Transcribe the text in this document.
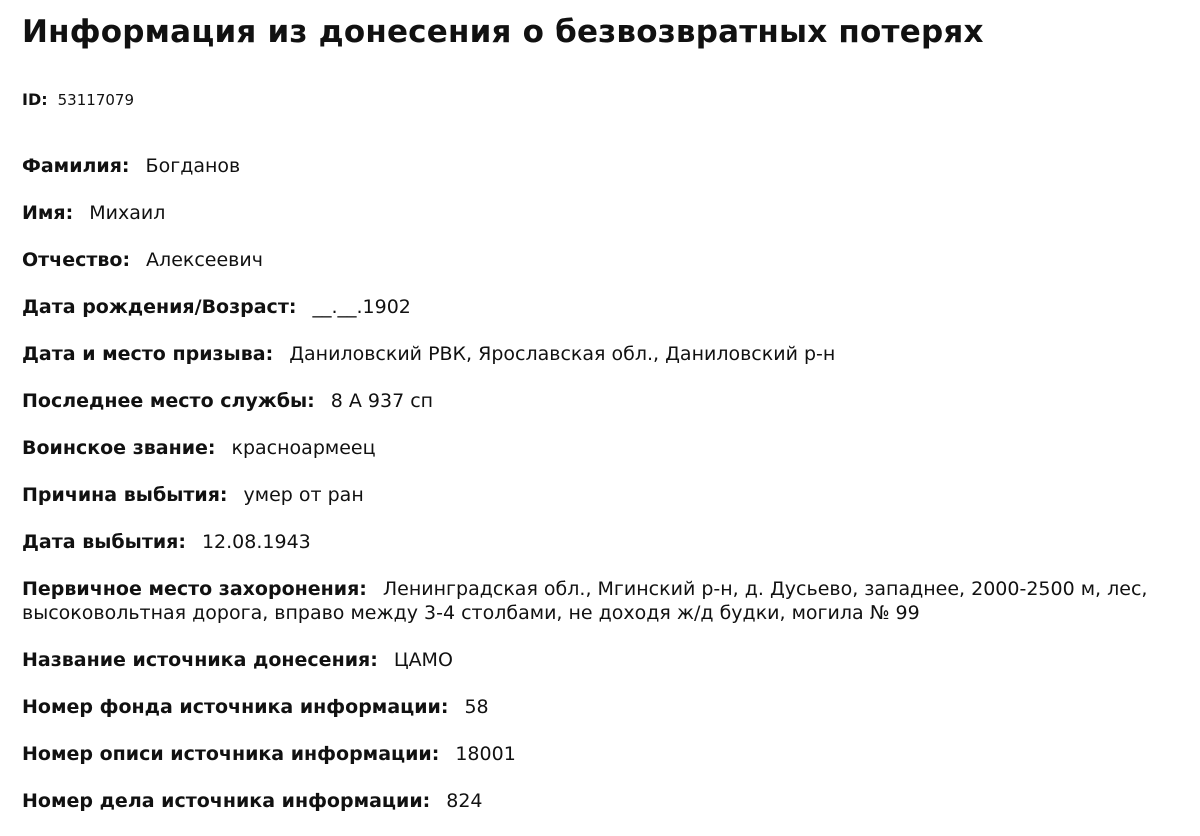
Информация из донесения о безвозвратных потерях
ID: 53117079
Фамилия: Богданов
Имя: Михаил
Отчество: Алексеевич
Дата рождения/Возраст: __.__.1902
Дата и место призыва: Даниловский РВК, Ярославская обл., Даниловский р-н
Последнее место службы: 8 А 937 сп
Воинское звание: красноармеец
Причина выбытия: умер от ран
Дата выбытия: 12.08.1943
Первичное место захоронения: Ленинградская обл., Мгинский р-н, д. Дусьево, западнее, 2000-2500 м, лес, высоковольтная дорога, вправо между 3-4 столбами, не доходя ж/д будки, могила № 99
Название источника донесения: ЦАМО
Номер фонда источника информации: 58
Номер описи источника информации: 18001
Номер дела источника информации: 824
